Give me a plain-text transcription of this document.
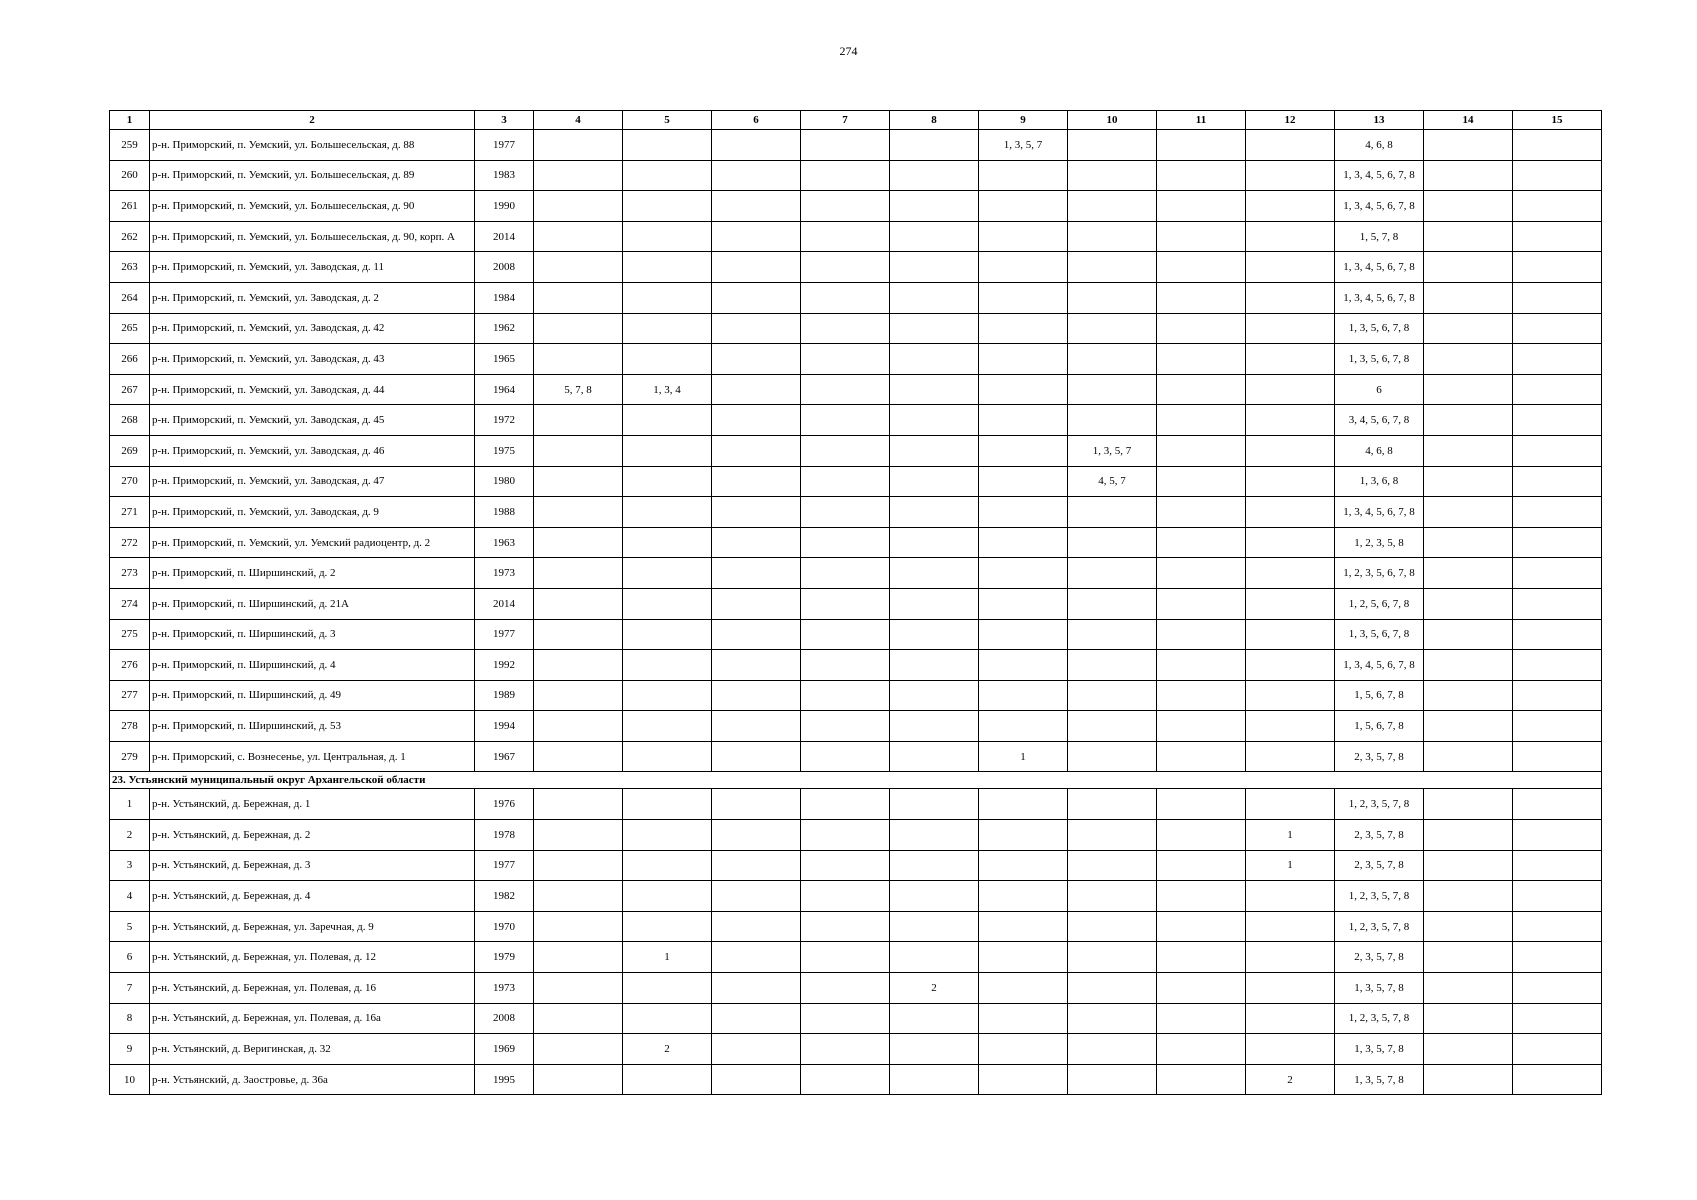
274
1	2	3	4	5	6	7	8	9	10	11	12	13	14	15
259	р-н. Приморский, п. Уемский, ул. Большесельская, д. 88	1977						1, 3, 5, 7				4, 6, 8		
260	р-н. Приморский, п. Уемский, ул. Большесельская, д. 89	1983										1, 3, 4, 5, 6, 7, 8		
261	р-н. Приморский, п. Уемский, ул. Большесельская, д. 90	1990										1, 3, 4, 5, 6, 7, 8		
262	р-н. Приморский, п. Уемский, ул. Большесельская, д. 90, корп. А	2014										1, 5, 7, 8		
263	р-н. Приморский, п. Уемский, ул. Заводская, д. 11	2008										1, 3, 4, 5, 6, 7, 8		
264	р-н. Приморский, п. Уемский, ул. Заводская, д. 2	1984										1, 3, 4, 5, 6, 7, 8		
265	р-н. Приморский, п. Уемский, ул. Заводская, д. 42	1962										1, 3, 5, 6, 7, 8		
266	р-н. Приморский, п. Уемский, ул. Заводская, д. 43	1965										1, 3, 5, 6, 7, 8		
267	р-н. Приморский, п. Уемский, ул. Заводская, д. 44	1964	5, 7, 8	1, 3, 4								6		
268	р-н. Приморский, п. Уемский, ул. Заводская, д. 45	1972										3, 4, 5, 6, 7, 8		
269	р-н. Приморский, п. Уемский, ул. Заводская, д. 46	1975							1, 3, 5, 7			4, 6, 8		
270	р-н. Приморский, п. Уемский, ул. Заводская, д. 47	1980							4, 5, 7			1, 3, 6, 8		
271	р-н. Приморский, п. Уемский, ул. Заводская, д. 9	1988										1, 3, 4, 5, 6, 7, 8		
272	р-н. Приморский, п. Уемский, ул. Уемский радиоцентр, д. 2	1963										1, 2, 3, 5, 8		
273	р-н. Приморский, п. Ширшинский, д. 2	1973										1, 2, 3, 5, 6, 7, 8		
274	р-н. Приморский, п. Ширшинский, д. 21А	2014										1, 2, 5, 6, 7, 8		
275	р-н. Приморский, п. Ширшинский, д. 3	1977										1, 3, 5, 6, 7, 8		
276	р-н. Приморский, п. Ширшинский, д. 4	1992										1, 3, 4, 5, 6, 7, 8		
277	р-н. Приморский, п. Ширшинский, д. 49	1989										1, 5, 6, 7, 8		
278	р-н. Приморский, п. Ширшинский, д. 53	1994										1, 5, 6, 7, 8		
279	р-н. Приморский, с. Вознесенье, ул. Центральная, д. 1	1967						1				2, 3, 5, 7, 8		
23. Устьянский муниципальный округ Архангельской области														
1	р-н. Устьянский, д. Бережная, д. 1	1976										1, 2, 3, 5, 7, 8		
2	р-н. Устьянский, д. Бережная, д. 2	1978									1	2, 3, 5, 7, 8		
3	р-н. Устьянский, д. Бережная, д. 3	1977									1	2, 3, 5, 7, 8		
4	р-н. Устьянский, д. Бережная, д. 4	1982										1, 2, 3, 5, 7, 8		
5	р-н. Устьянский, д. Бережная, ул. Заречная, д. 9	1970										1, 2, 3, 5, 7, 8		
6	р-н. Устьянский, д. Бережная, ул. Полевая, д. 12	1979		1								2, 3, 5, 7, 8		
7	р-н. Устьянский, д. Бережная, ул. Полевая, д. 16	1973					2					1, 3, 5, 7, 8		
8	р-н. Устьянский, д. Бережная, ул. Полевая, д. 16а	2008										1, 2, 3, 5, 7, 8		
9	р-н. Устьянский, д. Веригинская, д. 32	1969		2								1, 3, 5, 7, 8		
10	р-н. Устьянский, д. Заостровье, д. 36а	1995									2	1, 3, 5, 7, 8		
